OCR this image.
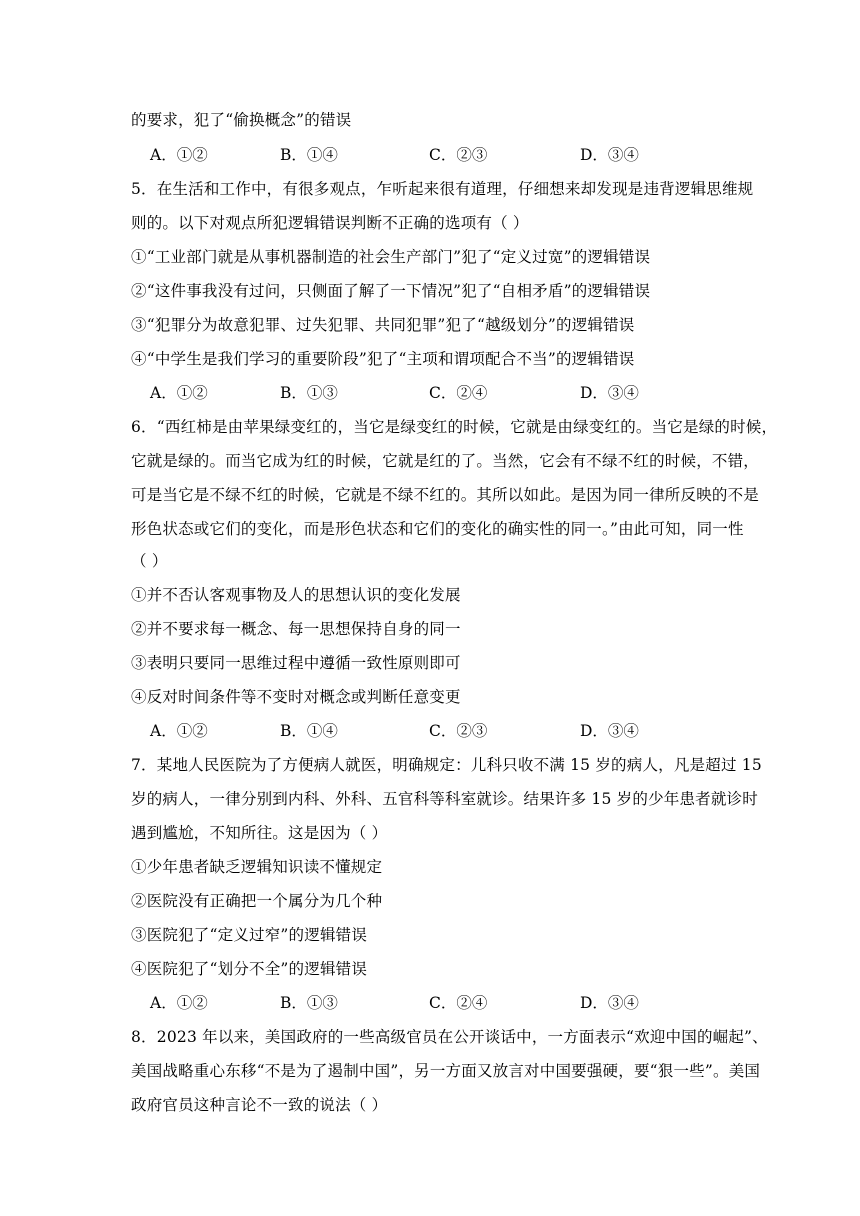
的要求，犯了“偷换概念”的错误
A．①②	B．①④	C．②③	D．③④
5．在生活和工作中，有很多观点，乍听起来很有道理，仔细想来却发现是违背逻辑思维规
则的。以下对观点所犯逻辑错误判断不正确的选项有（ ）
①“工业部门就是从事机器制造的社会生产部门”犯了“定义过宽”的逻辑错误
②“这件事我没有过问，只侧面了解了一下情况”犯了“自相矛盾”的逻辑错误
③“犯罪分为故意犯罪、过失犯罪、共同犯罪”犯了“越级划分”的逻辑错误
④“中学生是我们学习的重要阶段”犯了“主项和谓项配合不当”的逻辑错误
A．①②	B．①③	C．②④	D．③④
6．“西红柿是由苹果绿变红的，当它是绿变红的时候，它就是由绿变红的。当它是绿的时候，
它就是绿的。而当它成为红的时候，它就是红的了。当然，它会有不绿不红的时候，不错，
可是当它是不绿不红的时候，它就是不绿不红的。其所以如此。是因为同一律所反映的不是
形色状态或它们的变化，而是形色状态和它们的变化的确实性的同一。”由此可知，同一性
（ ）
①并不否认客观事物及人的思想认识的变化发展
②并不要求每一概念、每一思想保持自身的同一
③表明只要同一思维过程中遵循一致性原则即可
④反对时间条件等不变时对概念或判断任意变更
A．①②	B．①④	C．②③	D．③④
7．某地人民医院为了方便病人就医，明确规定：儿科只收不满 15 岁的病人，凡是超过 15
岁的病人，一律分别到内科、外科、五官科等科室就诊。结果许多 15 岁的少年患者就诊时
遇到尴尬，不知所往。这是因为（ ）
①少年患者缺乏逻辑知识读不懂规定
②医院没有正确把一个属分为几个种
③医院犯了“定义过窄”的逻辑错误
④医院犯了“划分不全”的逻辑错误
A．①②	B．①③	C．②④	D．③④
8．2023 年以来，美国政府的一些高级官员在公开谈话中，一方面表示“欢迎中国的崛起”、
美国战略重心东移“不是为了遏制中国”，另一方面又放言对中国要强硬，要“狠一些”。美国
政府官员这种言论不一致的说法（ ）
